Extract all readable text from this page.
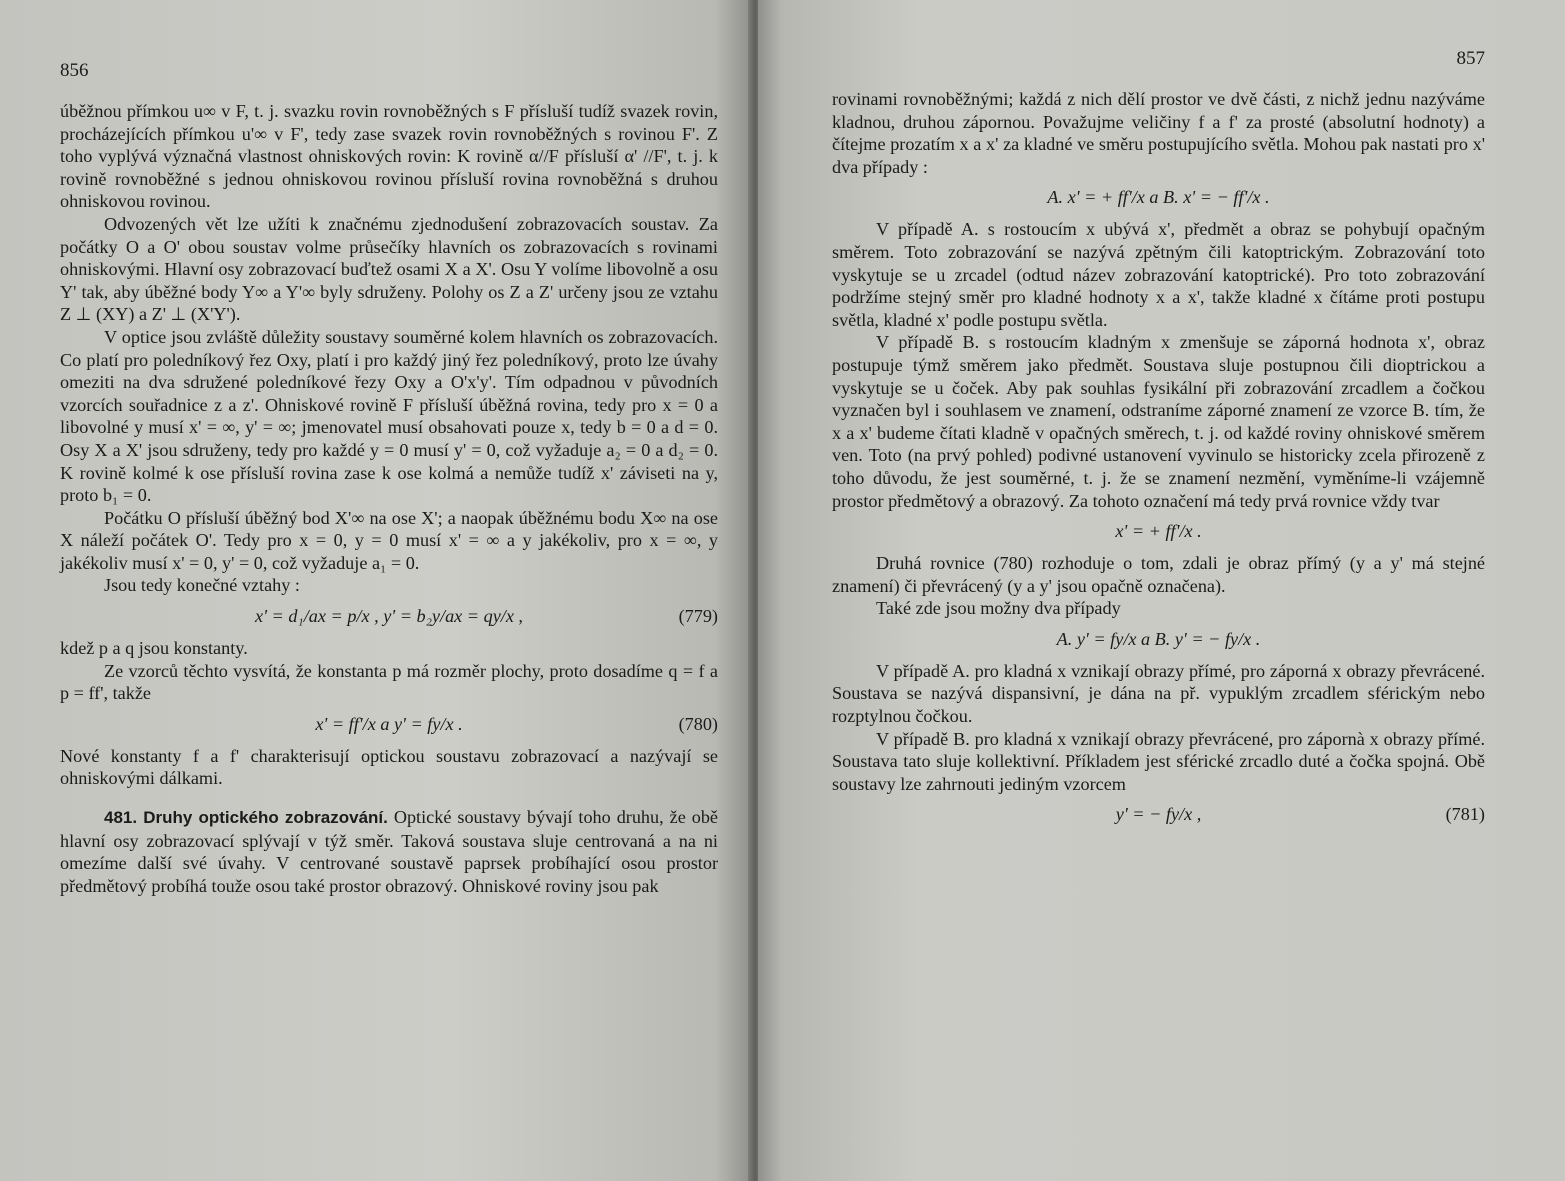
856

úběžnou přímkou u∞ v F, t. j. svazku rovin rovnoběžných s F přísluší tudíž svazek rovin, procházejících přímkou u'∞ v F', tedy zase svazek rovin rovnoběžných s rovinou F'. Z toho vyplývá význačná vlastnost ohniskových rovin: K rovině α//F přísluší α' //F', t. j. k rovině rovnoběžné s jednou ohniskovou rovinou přísluší rovina rovnoběžná s druhou ohniskovou rovinou.

Odvozených vět lze užíti k značnému zjednodušení zobrazovacích soustav. Za počátky O a O' obou soustav volme průsečíky hlavních os zobrazovacích s rovinami ohniskovými. Hlavní osy zobrazovací buďtež osami X a X'. Osu Y volíme libovolně a osu Y' tak, aby úběžné body Y∞ a Y'∞ byly sdruženy. Polohy os Z a Z' určeny jsou ze vztahu Z ⊥ (XY) a Z' ⊥ (X'Y').

V optice jsou zvláště důležity soustavy souměrné kolem hlavních os zobrazovacích. Co platí pro poledníkový řez Oxy, platí i pro každý jiný řez poledníkový, proto lze úvahy omeziti na dva sdružené poledníkové řezy Oxy a O'x'y'. Tím odpadnou v původních vzorcích souřadnice z a z'. Ohniskové rovině F přísluší úběžná rovina, tedy pro x = 0 a libovolné y musí x' = ∞, y' = ∞; jmenovatel musí obsahovati pouze x, tedy b = 0 a d = 0. Osy X a X' jsou sdruženy, tedy pro každé y = 0 musí y' = 0, což vyžaduje a₂ = 0 a d₂ = 0. K rovině kolmé k ose přísluší rovina zase k ose kolmá a nemůže tudíž x' záviseti na y, proto b₁ = 0.

Počátku O přísluší úběžný bod X'∞ na ose X'; a naopak úběžnému bodu X∞ na ose X náleží počátek O'. Tedy pro x = 0, y = 0 musí x' = ∞ a y jakékoliv, pro x = ∞, y jakékoliv musí x' = 0, y' = 0, což vyžaduje a₁ = 0.

Jsou tedy konečné vztahy :

x' = d₁/ax = p/x , y' = b₂y/ax = qy/x ,	(779)

kdež p a q jsou konstanty.

Ze vzorců těchto vysvítá, že konstanta p má rozměr plochy, proto dosadíme q = f a p = ff', takže

x' = ff'/x a y' = fy/x .	(780)

Nové konstanty f a f' charakterisují optickou soustavu zobrazovací a nazývají se ohniskovými dálkami.

481. Druhy optického zobrazování. Optické soustavy bývají toho druhu, že obě hlavní osy zobrazovací splývají v týž směr. Taková soustava sluje centrovaná a na ni omezíme další své úvahy. V centrované soustavě paprsek probíhající osou prostor předmětový probíhá touže osou také prostor obrazový. Ohniskové roviny jsou pak

857

rovinami rovnoběžnými; každá z nich dělí prostor ve dvě části, z nichž jednu nazýváme kladnou, druhou zápornou. Považujme veličiny f a f' za prosté (absolutní hodnoty) a čítejme prozatím x a x' za kladné ve směru postupujícího světla. Mohou pak nastati pro x' dva případy :

A. x' = + ff'/x a B. x' = − ff'/x .

V případě A. s rostoucím x ubývá x', předmět a obraz se pohybují opačným směrem. Toto zobrazování se nazývá zpětným čili katoptrickým. Zobrazování toto vyskytuje se u zrcadel (odtud název zobrazování katoptrické). Pro toto zobrazování podržíme stejný směr pro kladné hodnoty x a x', takže kladné x čítáme proti postupu světla, kladné x' podle postupu světla.

V případě B. s rostoucím kladným x zmenšuje se záporná hodnota x', obraz postupuje týmž směrem jako předmět. Soustava sluje postupnou čili dioptrickou a vyskytuje se u čoček. Aby pak souhlas fysikální při zobrazování zrcadlem a čočkou vyznačen byl i souhlasem ve znamení, odstraníme záporné znamení ze vzorce B. tím, že x a x' budeme čítati kladně v opačných směrech, t. j. od každé roviny ohniskové směrem ven. Toto (na prvý pohled) podivné ustanovení vyvinulo se historicky zcela přirozeně z toho důvodu, že jest souměrné, t. j. že se znamení nezmění, vyměníme-li vzájemně prostor předmětový a obrazový. Za tohoto označení má tedy prvá rovnice vždy tvar

x' = + ff'/x .

Druhá rovnice (780) rozhoduje o tom, zdali je obraz přímý (y a y' má stejné znamení) či převrácený (y a y' jsou opačně označena).

Také zde jsou možny dva případy

A. y' = fy/x a B. y' = − fy/x .

V případě A. pro kladná x vznikají obrazy přímé, pro záporná x obrazy převrácené. Soustava se nazývá dispansivní, je dána na př. vypuklým zrcadlem sférickým nebo rozptylnou čočkou.

V případě B. pro kladná x vznikají obrazy převrácené, pro zápornà x obrazy přímé. Soustava tato sluje kollektivní. Příkladem jest sférické zrcadlo duté a čočka spojná. Obě soustavy lze zahrnouti jediným vzorcem

y' = − fy/x ,	(781)
